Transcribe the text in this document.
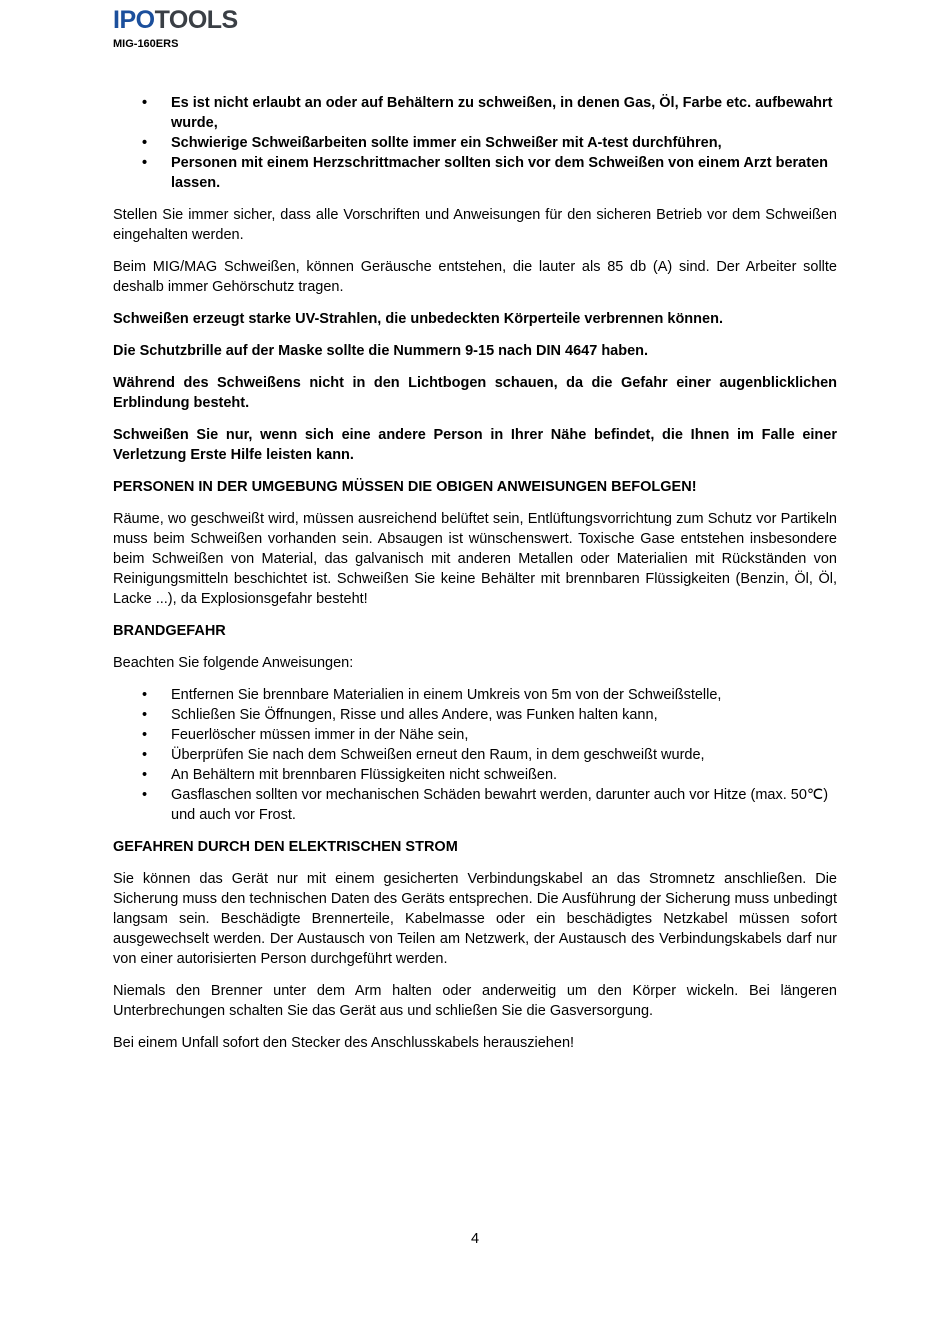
IPOTOOLS
MIG-160ERS
•	Es ist nicht erlaubt an oder auf Behältern zu schweißen, in denen Gas, Öl, Farbe etc. aufbewahrt wurde,
•	Schwierige Schweißarbeiten sollte immer ein Schweißer mit A-test durchführen,
•	Personen mit einem Herzschrittmacher sollten sich vor dem Schweißen von einem Arzt beraten lassen.

Stellen Sie immer sicher, dass alle Vorschriften und Anweisungen für den sicheren Betrieb vor dem Schweißen eingehalten werden.

Beim MIG/MAG Schweißen, können Geräusche entstehen, die lauter als 85 db (A) sind. Der Arbeiter sollte deshalb immer Gehörschutz tragen.

Schweißen erzeugt starke UV-Strahlen, die unbedeckten Körperteile verbrennen können.

Die Schutzbrille auf der Maske sollte die Nummern 9-15 nach DIN 4647 haben.

Während des Schweißens nicht in den Lichtbogen schauen, da die Gefahr einer augenblicklichen Erblindung besteht.

Schweißen Sie nur, wenn sich eine andere Person in Ihrer Nähe befindet, die Ihnen im Falle einer Verletzung Erste Hilfe leisten kann.

PERSONEN IN DER UMGEBUNG MÜSSEN DIE OBIGEN ANWEISUNGEN BEFOLGEN!

Räume, wo geschweißt wird, müssen ausreichend belüftet sein, Entlüftungsvorrichtung zum Schutz vor Partikeln muss beim Schweißen vorhanden sein. Absaugen ist wünschenswert. Toxische Gase entstehen insbesondere beim Schweißen von Material, das galvanisch mit anderen Metallen oder Materialien mit Rückständen von Reinigungsmitteln beschichtet ist. Schweißen Sie keine Behälter mit brennbaren Flüssigkeiten (Benzin, Öl, Öl, Lacke ...), da Explosionsgefahr besteht!

BRANDGEFAHR

Beachten Sie folgende Anweisungen:

•	Entfernen Sie brennbare Materialien in einem Umkreis von 5m von der Schweißstelle,
•	Schließen Sie Öffnungen, Risse und alles Andere, was Funken halten kann,
•	Feuerlöscher müssen immer in der Nähe sein,
•	Überprüfen Sie nach dem Schweißen erneut den Raum, in dem geschweißt wurde,
•	An Behältern mit brennbaren Flüssigkeiten nicht schweißen.
•	Gasflaschen sollten vor mechanischen Schäden bewahrt werden, darunter auch vor Hitze (max. 50℃) und auch vor Frost.
GEFAHREN DURCH DEN ELEKTRISCHEN STROM

Sie können das Gerät nur mit einem gesicherten Verbindungskabel an das Stromnetz anschließen. Die Sicherung muss den technischen Daten des Geräts entsprechen. Die Ausführung der Sicherung muss unbedingt langsam sein. Beschädigte Brennerteile, Kabelmasse oder ein beschädigtes Netzkabel müssen sofort ausgewechselt werden. Der Austausch von Teilen am Netzwerk, der Austausch des Verbindungskabels darf nur von einer autorisierten Person durchgeführt werden.

Niemals den Brenner unter dem Arm halten oder anderweitig um den Körper wickeln. Bei längeren Unterbrechungen schalten Sie das Gerät aus und schließen Sie die Gasversorgung.

Bei einem Unfall sofort den Stecker des Anschlusskabels herausziehen!

4
